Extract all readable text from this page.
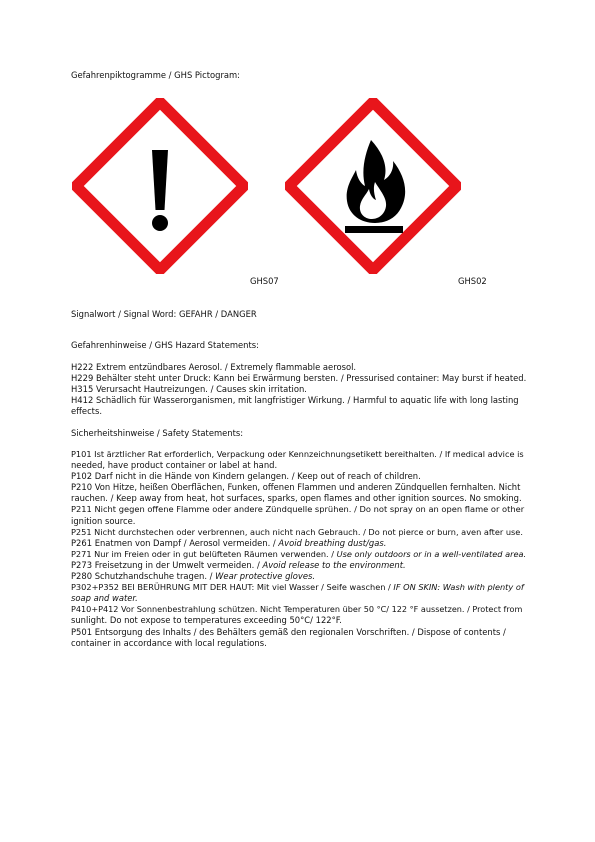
Gefahrenpiktogramme / GHS Pictogram:
GHS07	GHS02
Signalwort / Signal Word: GEFAHR / DANGER
Gefahrenhinweise / GHS Hazard Statements:
H222 Extrem entzündbares Aerosol. / Extremely flammable aerosol.
H229 Behälter steht unter Druck: Kann bei Erwärmung bersten. / Pressurised container: May burst if heated.
H315 Verursacht Hautreizungen. / Causes skin irritation.
H412 Schädlich für Wasserorganismen, mit langfristiger Wirkung. / Harmful to aquatic life with long lasting
effects.
Sicherheitshinweise / Safety Statements:
P101 Ist ärztlicher Rat erforderlich, Verpackung oder Kennzeichnungsetikett bereithalten. / If medical advice is
needed, have product container or label at hand.
P102 Darf nicht in die Hände von Kindern gelangen. / Keep out of reach of children.
P210 Von Hitze, heißen Oberflächen, Funken, offenen Flammen und anderen Zündquellen fernhalten. Nicht
rauchen. / Keep away from heat, hot surfaces, sparks, open flames and other ignition sources. No smoking.
P211 Nicht gegen offene Flamme oder andere Zündquelle sprühen. / Do not spray on an open flame or other
ignition source.
P251 Nicht durchstechen oder verbrennen, auch nicht nach Gebrauch. / Do not pierce or burn, aven after use.
P261 Enatmen von Dampf / Aerosol vermeiden. / Avoid breathing dust/gas.
P271 Nur im Freien oder in gut belüfteten Räumen verwenden. / Use only outdoors or in a well-ventilated area.
P273 Freisetzung in der Umwelt vermeiden. / Avoid release to the environment.
P280 Schutzhandschuhe tragen. / Wear protective gloves.
P302+P352 BEI BERÜHRUNG MIT DER HAUT: Mit viel Wasser / Seife waschen / IF ON SKIN: Wash with plenty of
soap and water.
P410+P412 Vor Sonnenbestrahlung schützen. Nicht Temperaturen über 50 °C/ 122 °F aussetzen. / Protect from
sunlight. Do not expose to temperatures exceeding 50°C/ 122°F.
P501 Entsorgung des Inhalts / des Behälters gemäß den regionalen Vorschriften. / Dispose of contents /
container in accordance with local regulations.
